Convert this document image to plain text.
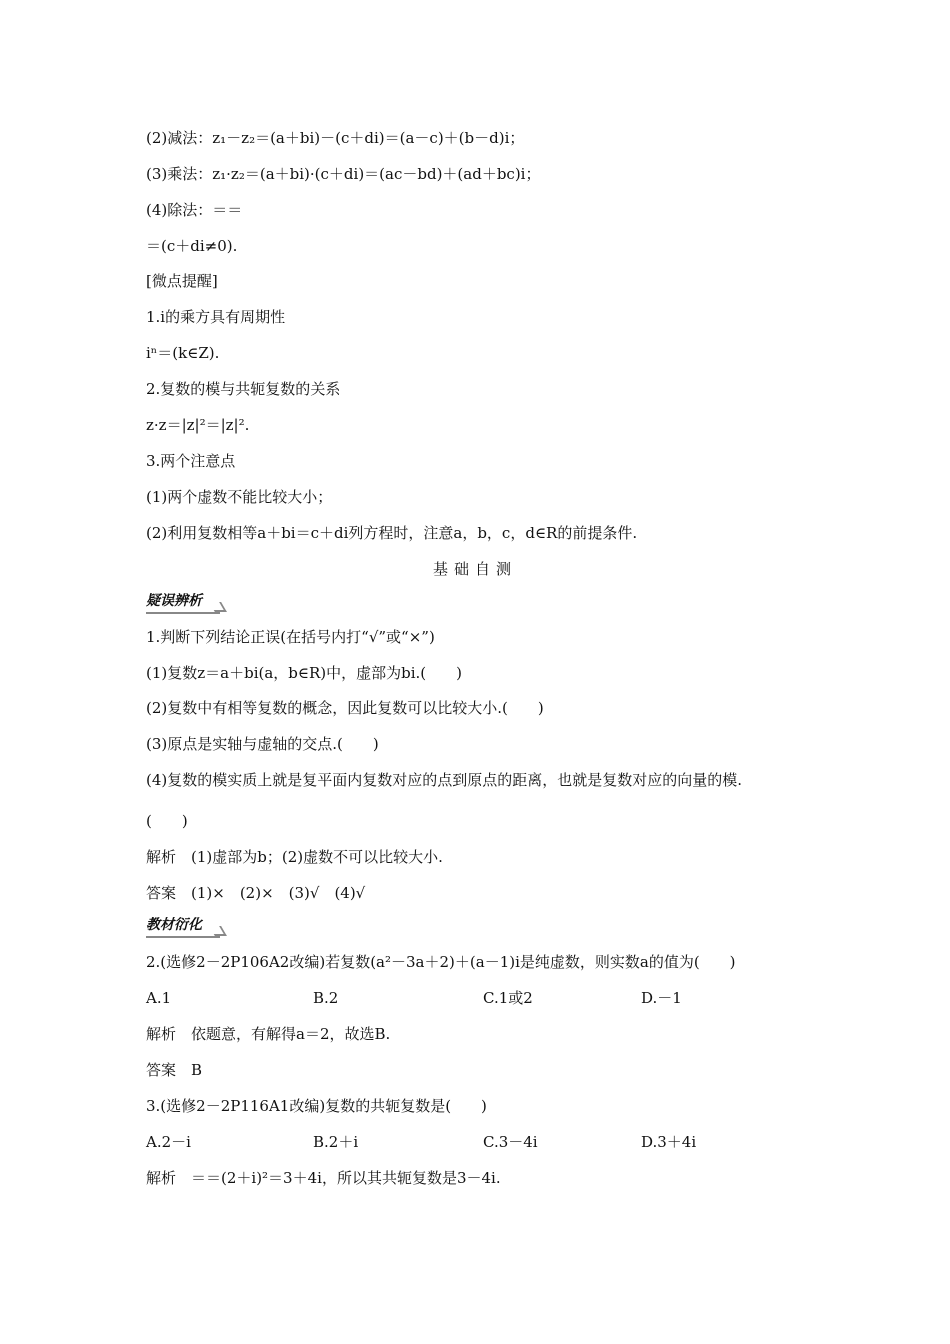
(2)减法：z₁－z₂＝(a＋bi)－(c＋di)＝(a－c)＋(b－d)i；
(3)乘法：z₁·z₂＝(a＋bi)·(c＋di)＝(ac－bd)＋(ad＋bc)i；
(4)除法：＝＝
＝(c＋di≠0).
[微点提醒]
1.i的乘方具有周期性
iⁿ＝(k∈Z).
2.复数的模与共轭复数的关系
z·z＝|z|²＝|z|².
3.两个注意点
(1)两个虚数不能比较大小；
(2)利用复数相等a＋bi＝c＋di列方程时，注意a，b，c，d∈R的前提条件.
基础自测
疑误辨析
1.判断下列结论正误(在括号内打“√”或“×”)
(1)复数z＝a＋bi(a，b∈R)中，虚部为bi.(　　)
(2)复数中有相等复数的概念，因此复数可以比较大小.(　　)
(3)原点是实轴与虚轴的交点.(　　)
(4)复数的模实质上就是复平面内复数对应的点到原点的距离，也就是复数对应的向量的模.
(　　)
解析　(1)虚部为b；(2)虚数不可以比较大小.
答案　(1)×　(2)×　(3)√　(4)√
教材衍化
2.(选修2－2P106A2改编)若复数(a²－3a＋2)＋(a－1)i是纯虚数，则实数a的值为(　　)
A.1	B.2	C.1或2	D.－1
解析　依题意，有解得a＝2，故选B.
答案　B
3.(选修2－2P116A1改编)复数的共轭复数是(　　)
A.2－i	B.2＋i	C.3－4i	D.3＋4i
解析　＝＝(2＋i)²＝3＋4i，所以其共轭复数是3－4i.
